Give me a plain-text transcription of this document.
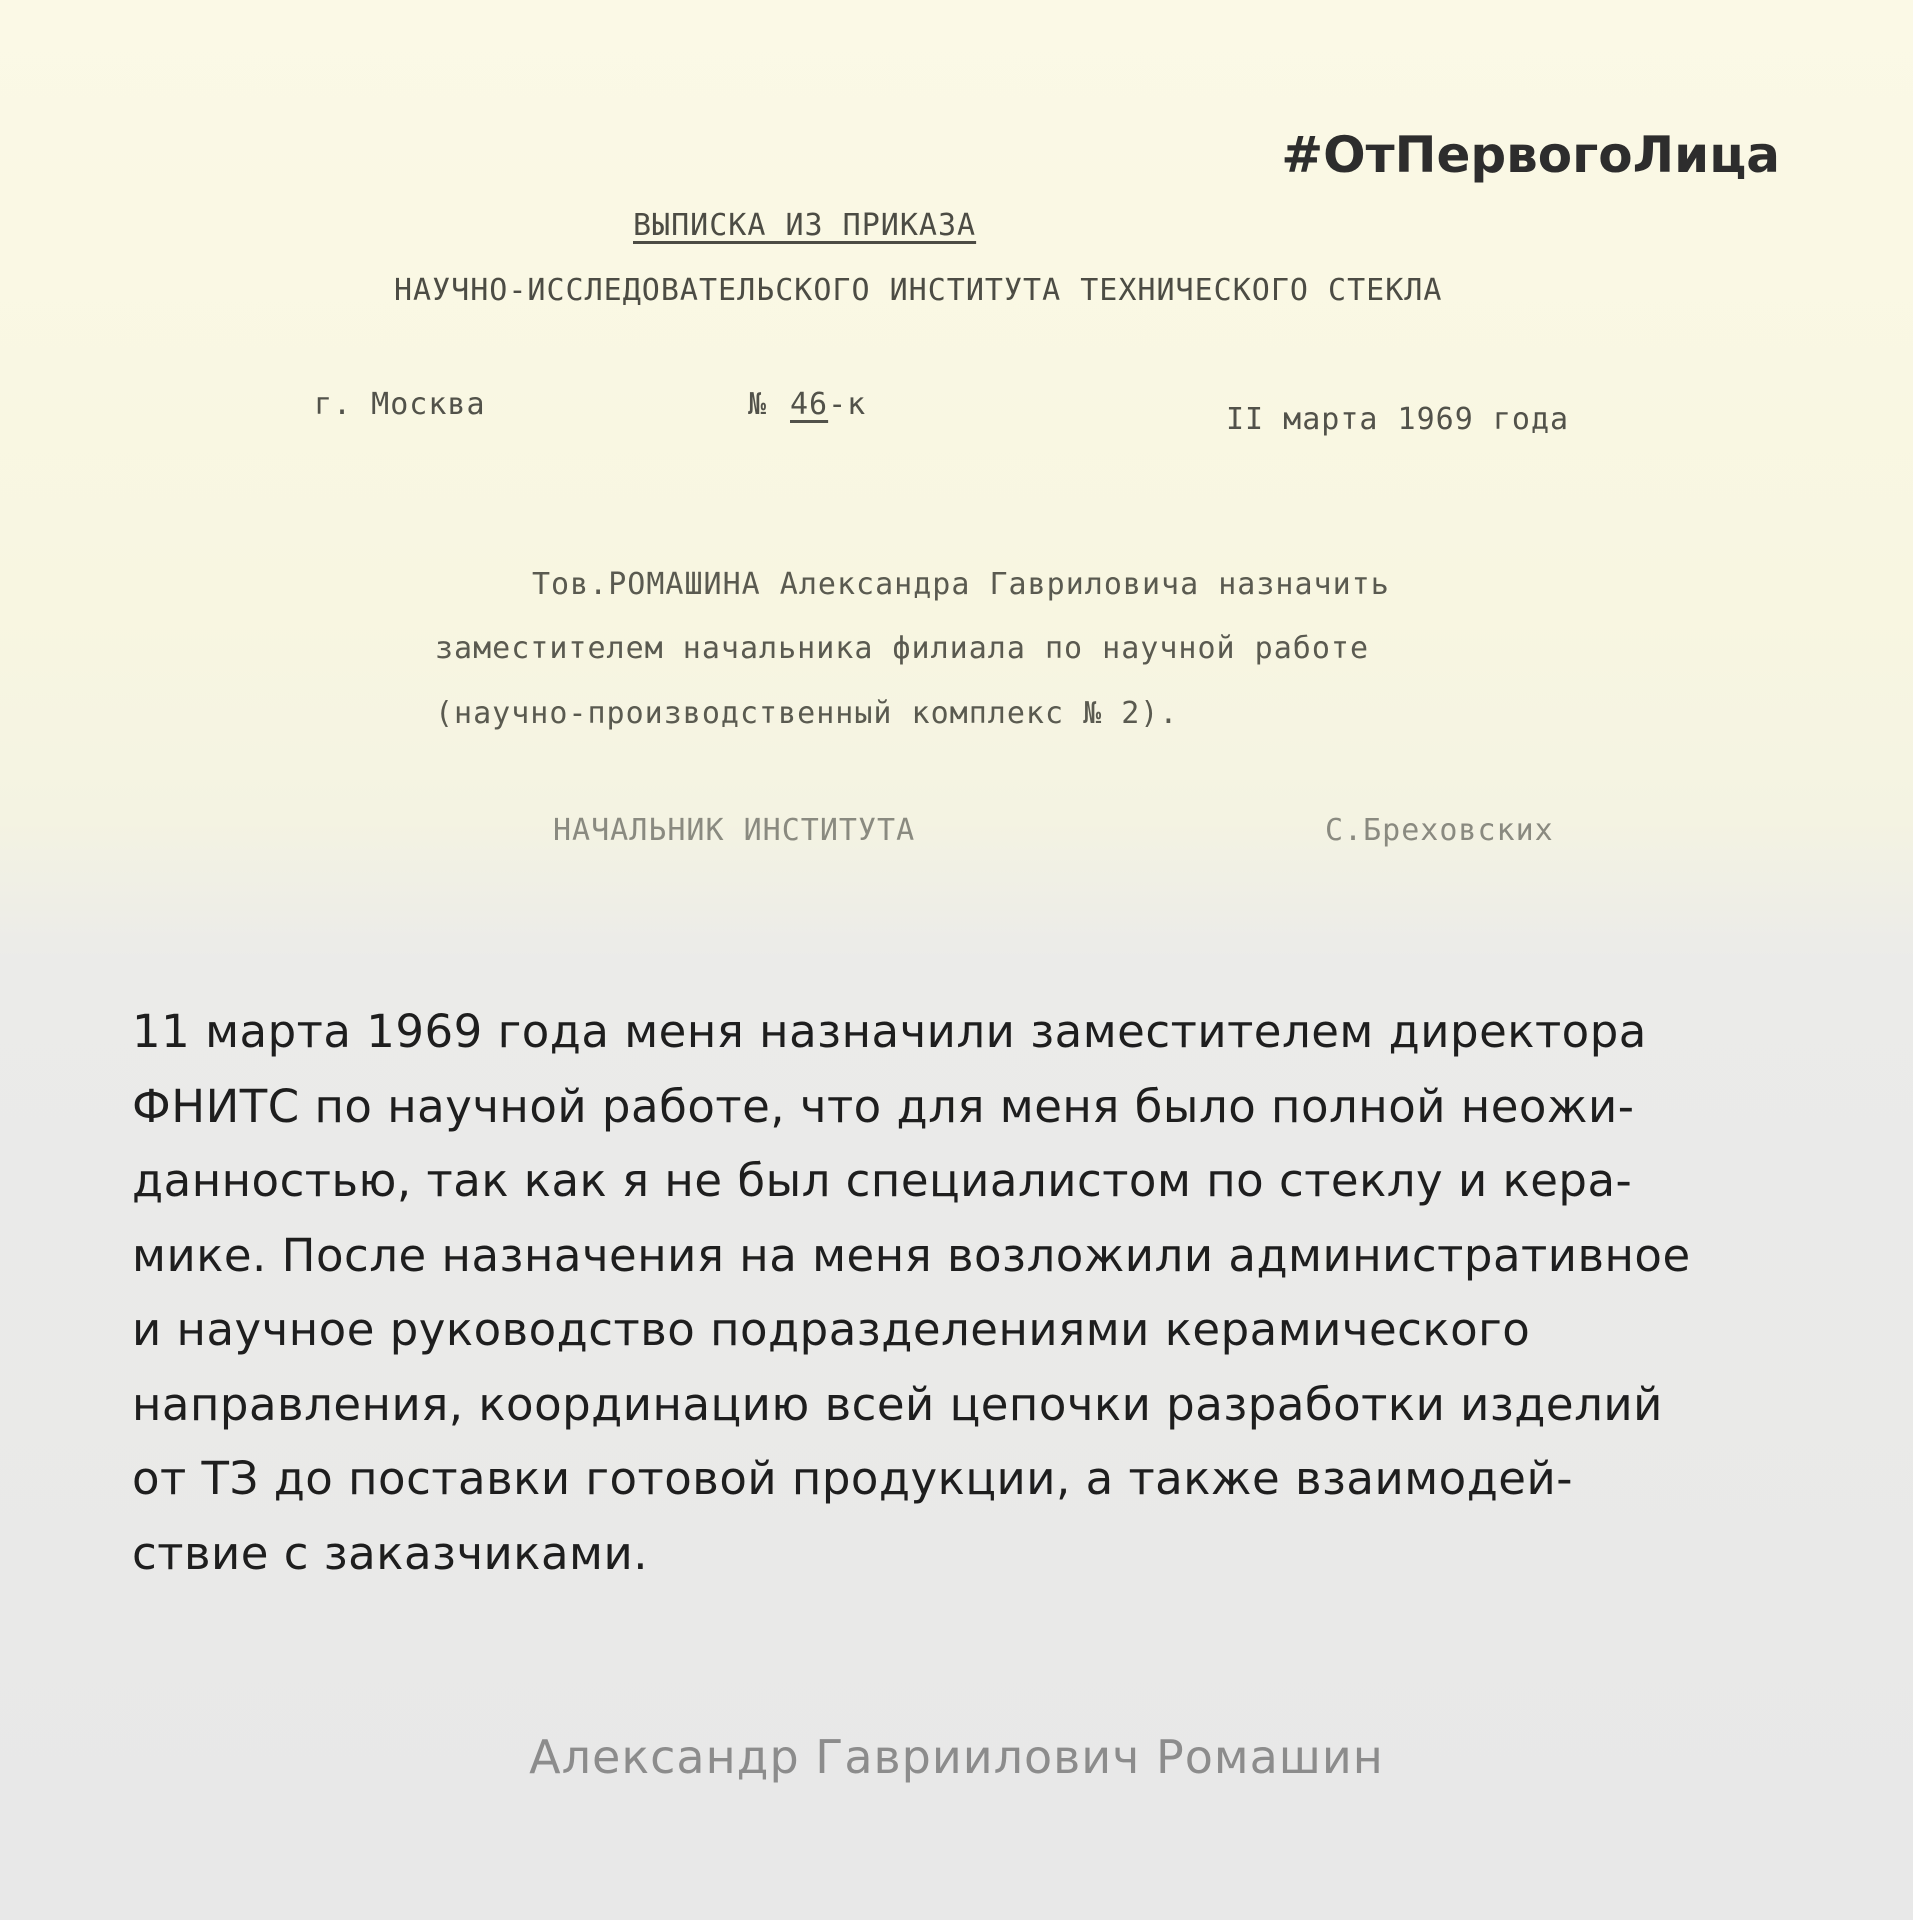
#ОтПервогоЛица
ВЫПИСКА ИЗ ПРИКАЗА
НАУЧНО-ИССЛЕДОВАТЕЛЬСКОГО ИНСТИТУТА ТЕХНИЧЕСКОГО СТЕКЛА
г. Москва	№ 46-к	II марта 1969 года
Тов.РОМАШИНА Александра Гавриловича назначить
заместителем начальника филиала по научной работе
(научно-производственный комплекс № 2).
НАЧАЛЬНИК ИНСТИТУТА	С.Бреховских
11 марта 1969 года меня назначили заместителем директора
ФНИТС по научной работе, что для меня было полной неожи-
данностью, так как я не был специалистом по стеклу и кера-
мике. После назначения на меня возложили административное
и научное руководство подразделениями керамического
направления, координацию всей цепочки разработки изделий
от ТЗ до поставки готовой продукции, а также взаимодей-
ствие с заказчиками.
Александр Гавриилович Ромашин
